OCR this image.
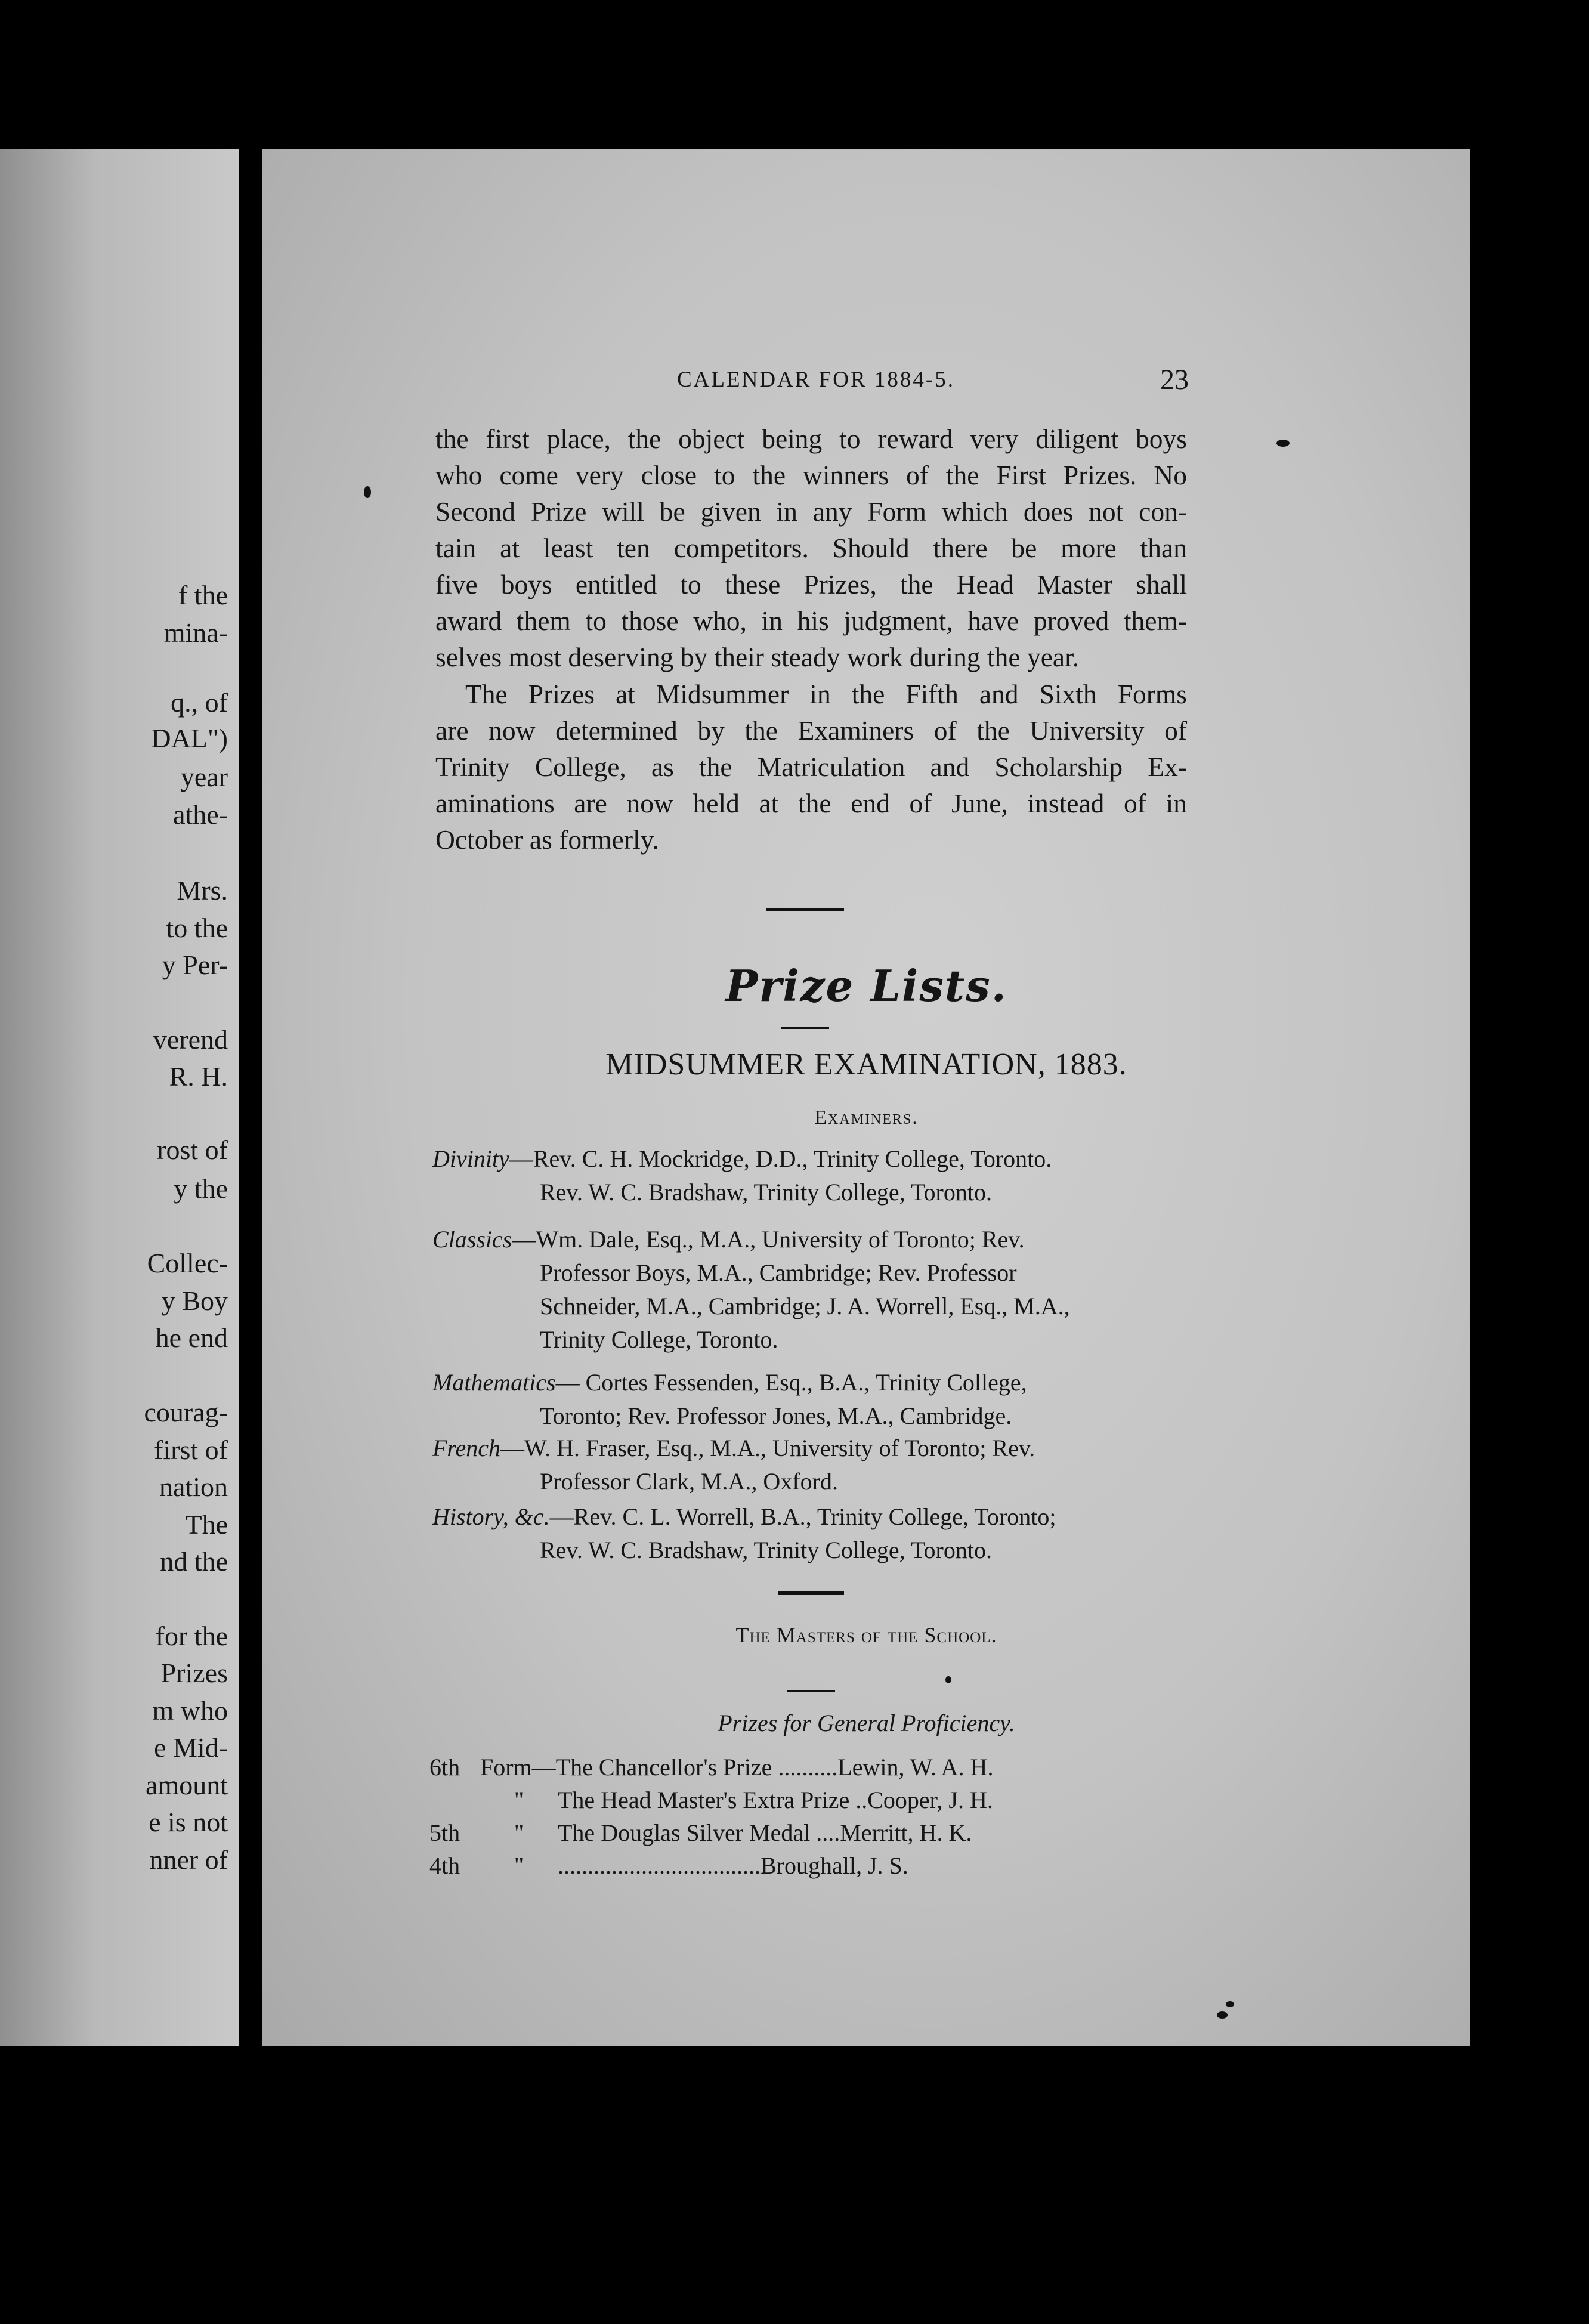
f the
mina-
q., of
DAL")
year
athe-
Mrs.
to the
y Per-
verend
R. H.
rost of
y the
Collec-
y Boy
he end
courag-
first of
nation
The
nd the
for the
Prizes
m who
e Mid-
amount
e is not
nner of
CALENDAR FOR 1884-5.	23
the first place, the object being to reward very diligent boys
who come very close to the winners of the First Prizes. No
Second Prize will be given in any Form which does not con-
tain at least ten competitors. Should there be more than
five boys entitled to these Prizes, the Head Master shall
award them to those who, in his judgment, have proved them-
selves most deserving by their steady work during the year.
The Prizes at Midsummer in the Fifth and Sixth Forms
are now determined by the Examiners of the University of
Trinity College, as the Matriculation and Scholarship Ex-
aminations are now held at the end of June, instead of in
October as formerly.
Prize Lists.
MIDSUMMER EXAMINATION, 1883.
Examiners.
Divinity—Rev. C. H. Mockridge, D.D., Trinity College, Toronto.
Rev. W. C. Bradshaw, Trinity College, Toronto.
Classics—Wm. Dale, Esq., M.A., University of Toronto; Rev.
Professor Boys, M.A., Cambridge; Rev. Professor
Schneider, M.A., Cambridge; J. A. Worrell, Esq., M.A.,
Trinity College, Toronto.
Mathematics— Cortes Fessenden, Esq., B.A., Trinity College,
Toronto; Rev. Professor Jones, M.A., Cambridge.
French—W. H. Fraser, Esq., M.A., University of Toronto; Rev.
Professor Clark, M.A., Oxford.
History, &c.—Rev. C. L. Worrell, B.A., Trinity College, Toronto;
Rev. W. C. Bradshaw, Trinity College, Toronto.
The Masters of the School.
Prizes for General Proficiency.
6th Form—The Chancellor's Prize ..........Lewin, W. A. H.
" The Head Master's Extra Prize ..Cooper, J. H.
5th " The Douglas Silver Medal ....Merritt, H. K.
4th " ..................................Broughall, J. S.
